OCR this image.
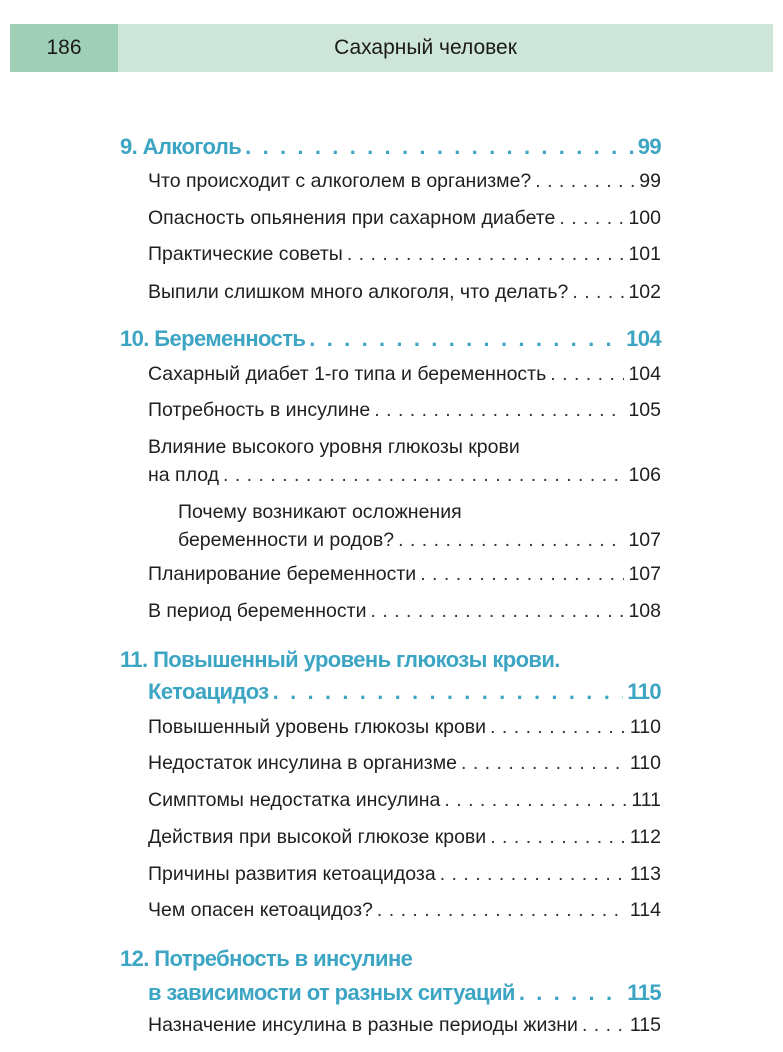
186	Сахарный человек
9. Алкоголь . . .	99
Что происходит с алкоголем в организме? . . .	99
Опасность опьянения при сахарном диабете . . .	100
Практические советы . . .	101
Выпили слишком много алкоголя, что делать? . . .	102
10. Беременность . . .	104
Сахарный диабет 1-го типа и беременность . . .	104
Потребность в инсулине . . .	105
Влияние высокого уровня глюкозы крови
на плод . . .	106
Почему возникают осложнения
беременности и родов? . . .	107
Планирование беременности . . .	107
В период беременности . . .	108
11. Повышенный уровень глюкозы крови.
Кетоацидоз . . .	110
Повышенный уровень глюкозы крови . . .	110
Недостаток инсулина в организме . . .	110
Симптомы недостатка инсулина . . .	111
Действия при высокой глюкозе крови . . .	112
Причины развития кетоацидоза . . .	113
Чем опасен кетоацидоз? . . .	114
12. Потребность в инсулине
в зависимости от разных ситуаций . . .	115
Назначение инсулина в разные периоды жизни . . .	115
